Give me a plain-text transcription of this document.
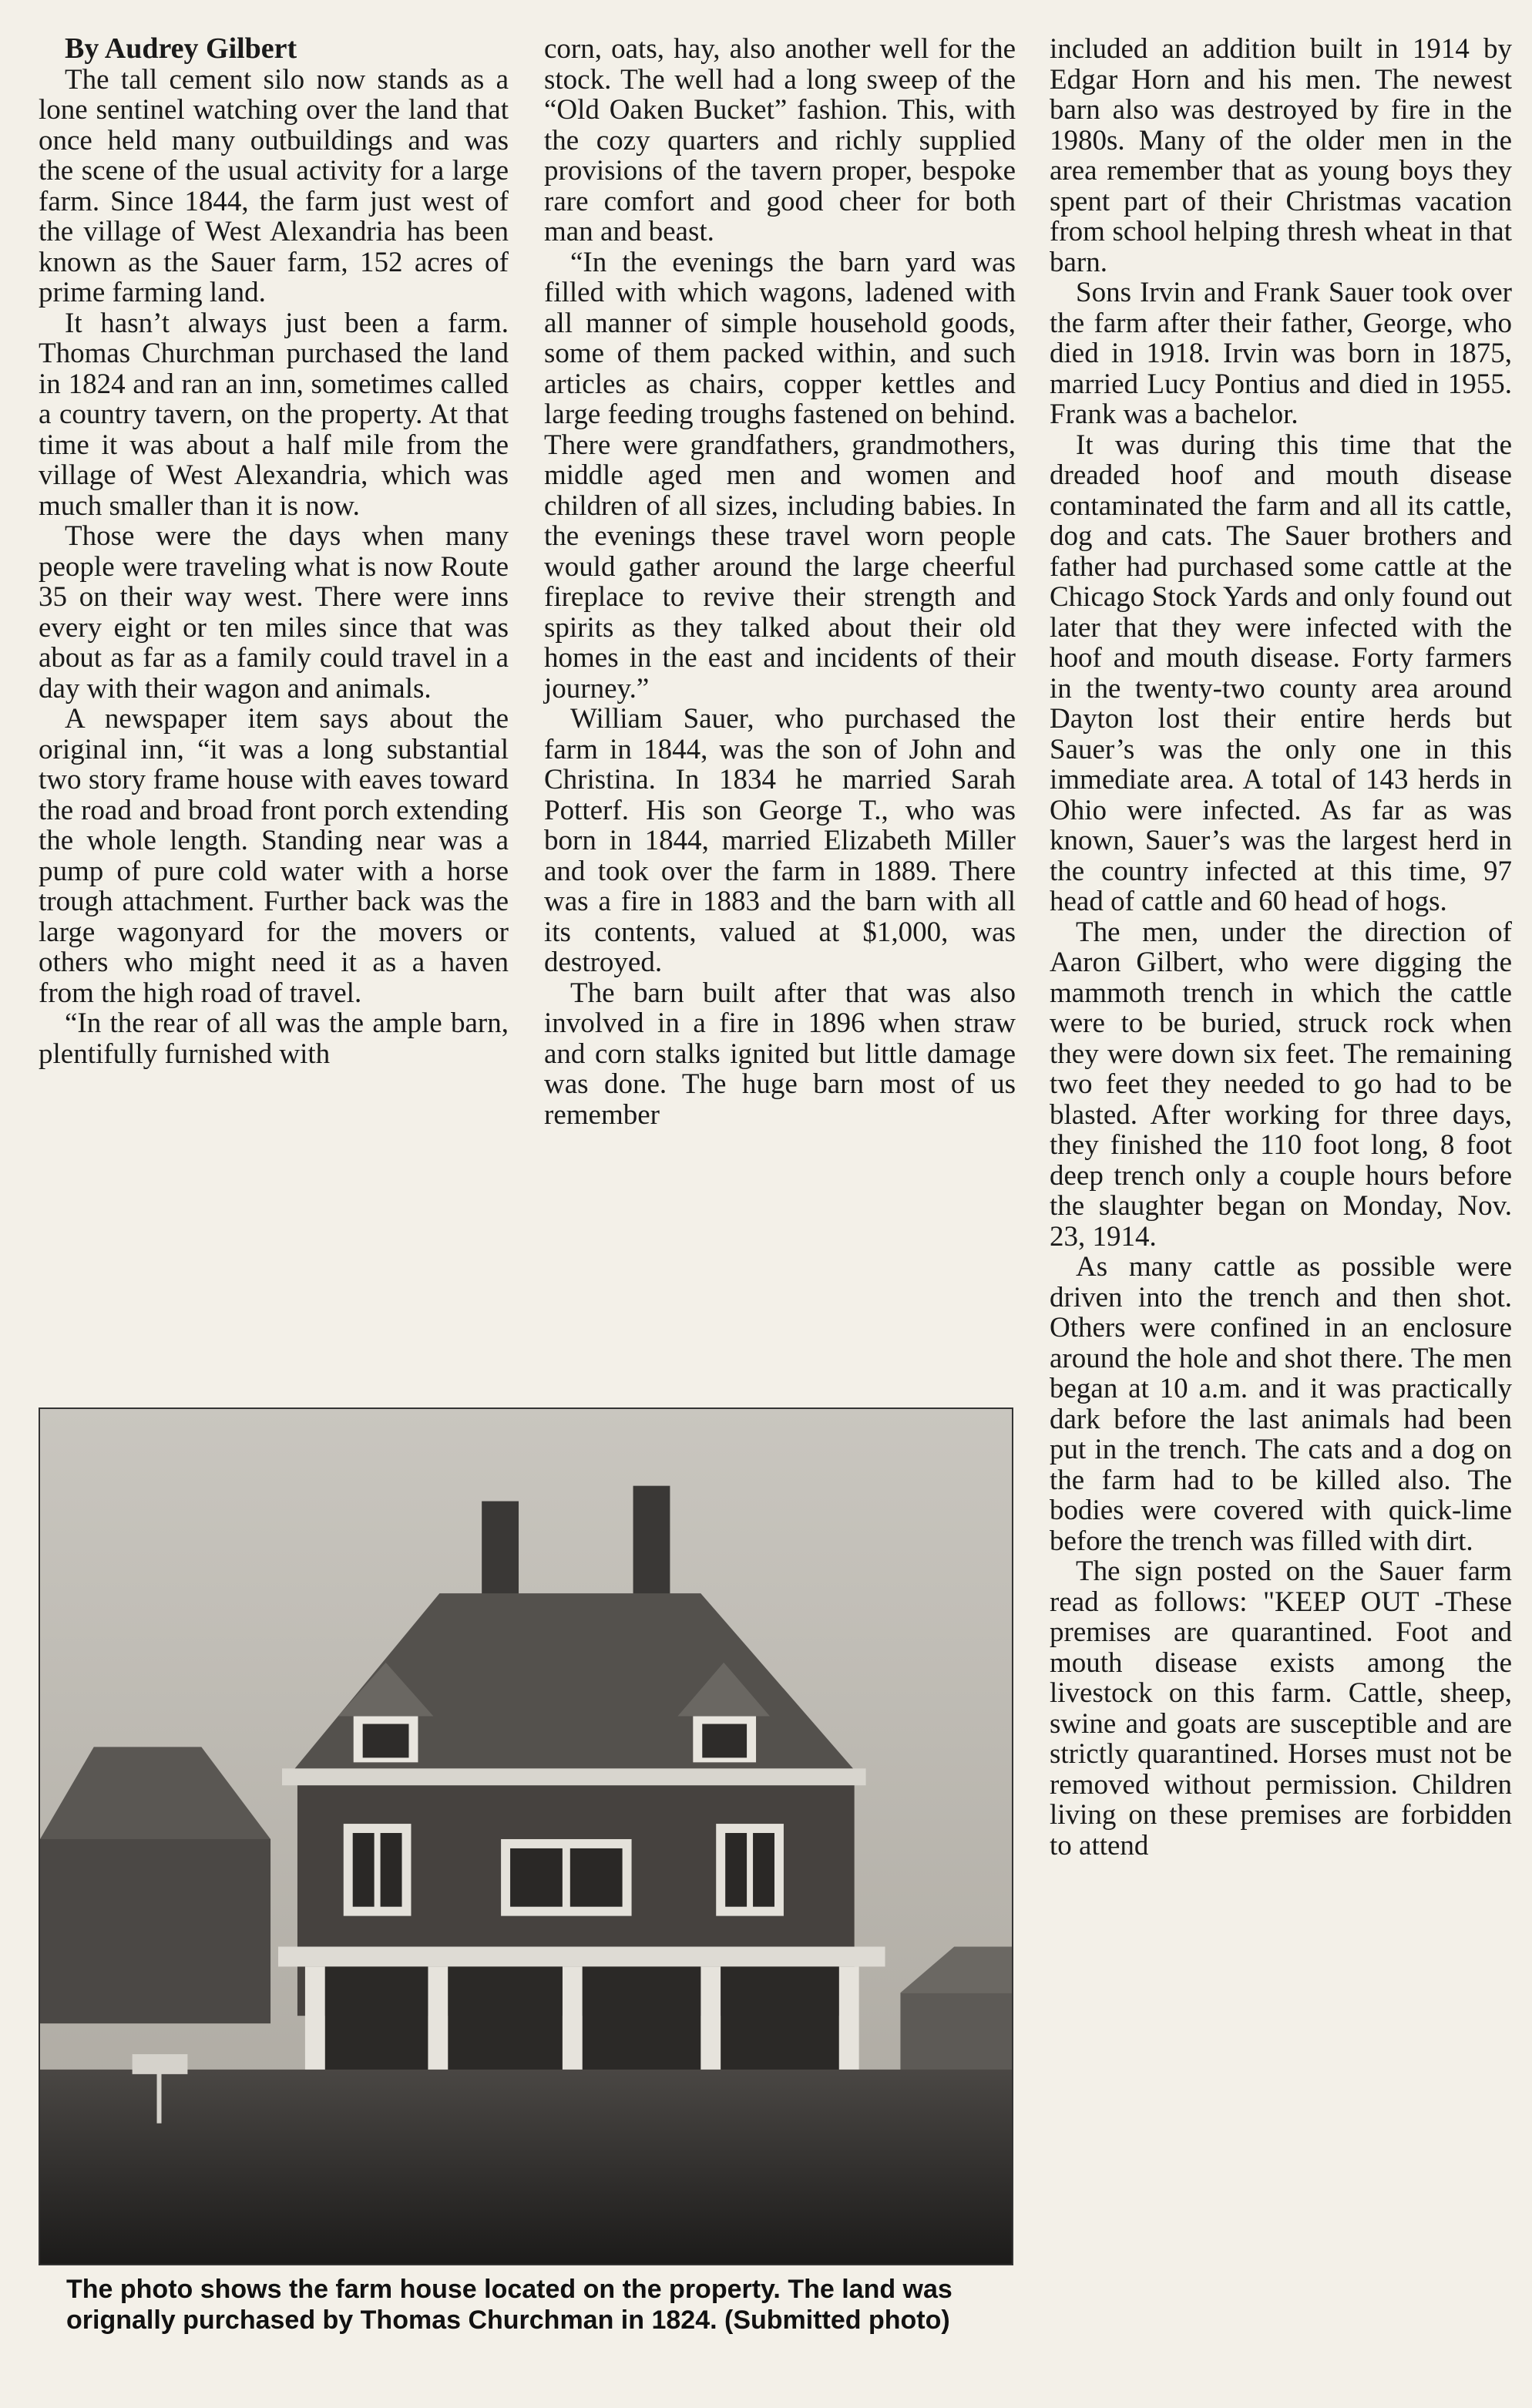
By Audrey Gilbert

The tall cement silo now stands as a lone sentinel watching over the land that once held many outbuildings and was the scene of the usual activity for a large farm. Since 1844, the farm just west of the village of West Alexandria has been known as the Sauer farm, 152 acres of prime farming land.

It hasn’t always just been a farm. Thomas Churchman purchased the land in 1824 and ran an inn, sometimes called a country tavern, on the property. At that time it was about a half mile from the village of West Alexandria, which was much smaller than it is now.

Those were the days when many people were traveling what is now Route 35 on their way west. There were inns every eight or ten miles since that was about as far as a family could travel in a day with their wagon and animals.

A newspaper item says about the original inn, “it was a long substantial two story frame house with eaves toward the road and broad front porch extending the whole length. Standing near was a pump of pure cold water with a horse trough attachment. Further back was the large wagonyard for the movers or others who might need it as a haven from the high road of travel.

“In the rear of all was the ample barn, plentifully furnished with

corn, oats, hay, also another well for the stock. The well had a long sweep of the “Old Oaken Bucket” fashion. This, with the cozy quarters and richly supplied provisions of the tavern proper, bespoke rare comfort and good cheer for both man and beast.

“In the evenings the barn yard was filled with which wagons, ladened with all manner of simple household goods, some of them packed within, and such articles as chairs, copper kettles and large feeding troughs fastened on behind. There were grandfathers, grandmothers, middle aged men and women and children of all sizes, including babies. In the evenings these travel worn people would gather around the large cheerful fireplace to revive their strength and spirits as they talked about their old homes in the east and incidents of their journey.”

William Sauer, who purchased the farm in 1844, was the son of John and Christina. In 1834 he married Sarah Potterf. His son George T., who was born in 1844, married Elizabeth Miller and took over the farm in 1889. There was a fire in 1883 and the barn with all its contents, valued at $1,000, was destroyed.

The barn built after that was also involved in a fire in 1896 when straw and corn stalks ignited but little damage was done. The huge barn most of us remember

included an addition built in 1914 by Edgar Horn and his men. The newest barn also was destroyed by fire in the 1980s. Many of the older men in the area remember that as young boys they spent part of their Christmas vacation from school helping thresh wheat in that barn.

Sons Irvin and Frank Sauer took over the farm after their father, George, who died in 1918. Irvin was born in 1875, married Lucy Pontius and died in 1955. Frank was a bachelor.

It was during this time that the dreaded hoof and mouth disease contaminated the farm and all its cattle, dog and cats. The Sauer brothers and father had purchased some cattle at the Chicago Stock Yards and only found out later that they were infected with the hoof and mouth disease. Forty farmers in the twenty-two county area around Dayton lost their entire herds but Sauer’s was the only one in this immediate area. A total of 143 herds in Ohio were infected. As far as was known, Sauer’s was the largest herd in the country infected at this time, 97 head of cattle and 60 head of hogs.

The men, under the direction of Aaron Gilbert, who were digging the mammoth trench in which the cattle were to be buried, struck rock when they were down six feet. The remaining two feet they needed to go had to be blasted. After working for three days, they finished the 110 foot long, 8 foot deep trench only a couple hours before the slaughter began on Monday, Nov. 23, 1914.

As many cattle as possible were driven into the trench and then shot. Others were confined in an enclosure around the hole and shot there. The men began at 10 a.m. and it was practically dark before the last animals had been put in the trench. The cats and a dog on the farm had to be killed also. The bodies were covered with quick-lime before the trench was filled with dirt.

The sign posted on the Sauer farm read as follows: "KEEP OUT -These premises are quarantined. Foot and mouth disease exists among the livestock on this farm. Cattle, sheep, swine and goats are susceptible and are strictly quarantined. Horses must not be removed without permission. Children living on these premises are forbidden to attend

The photo shows the farm house located on the property. The land was orignally purchased by Thomas Churchman in 1824. (Submitted photo)
